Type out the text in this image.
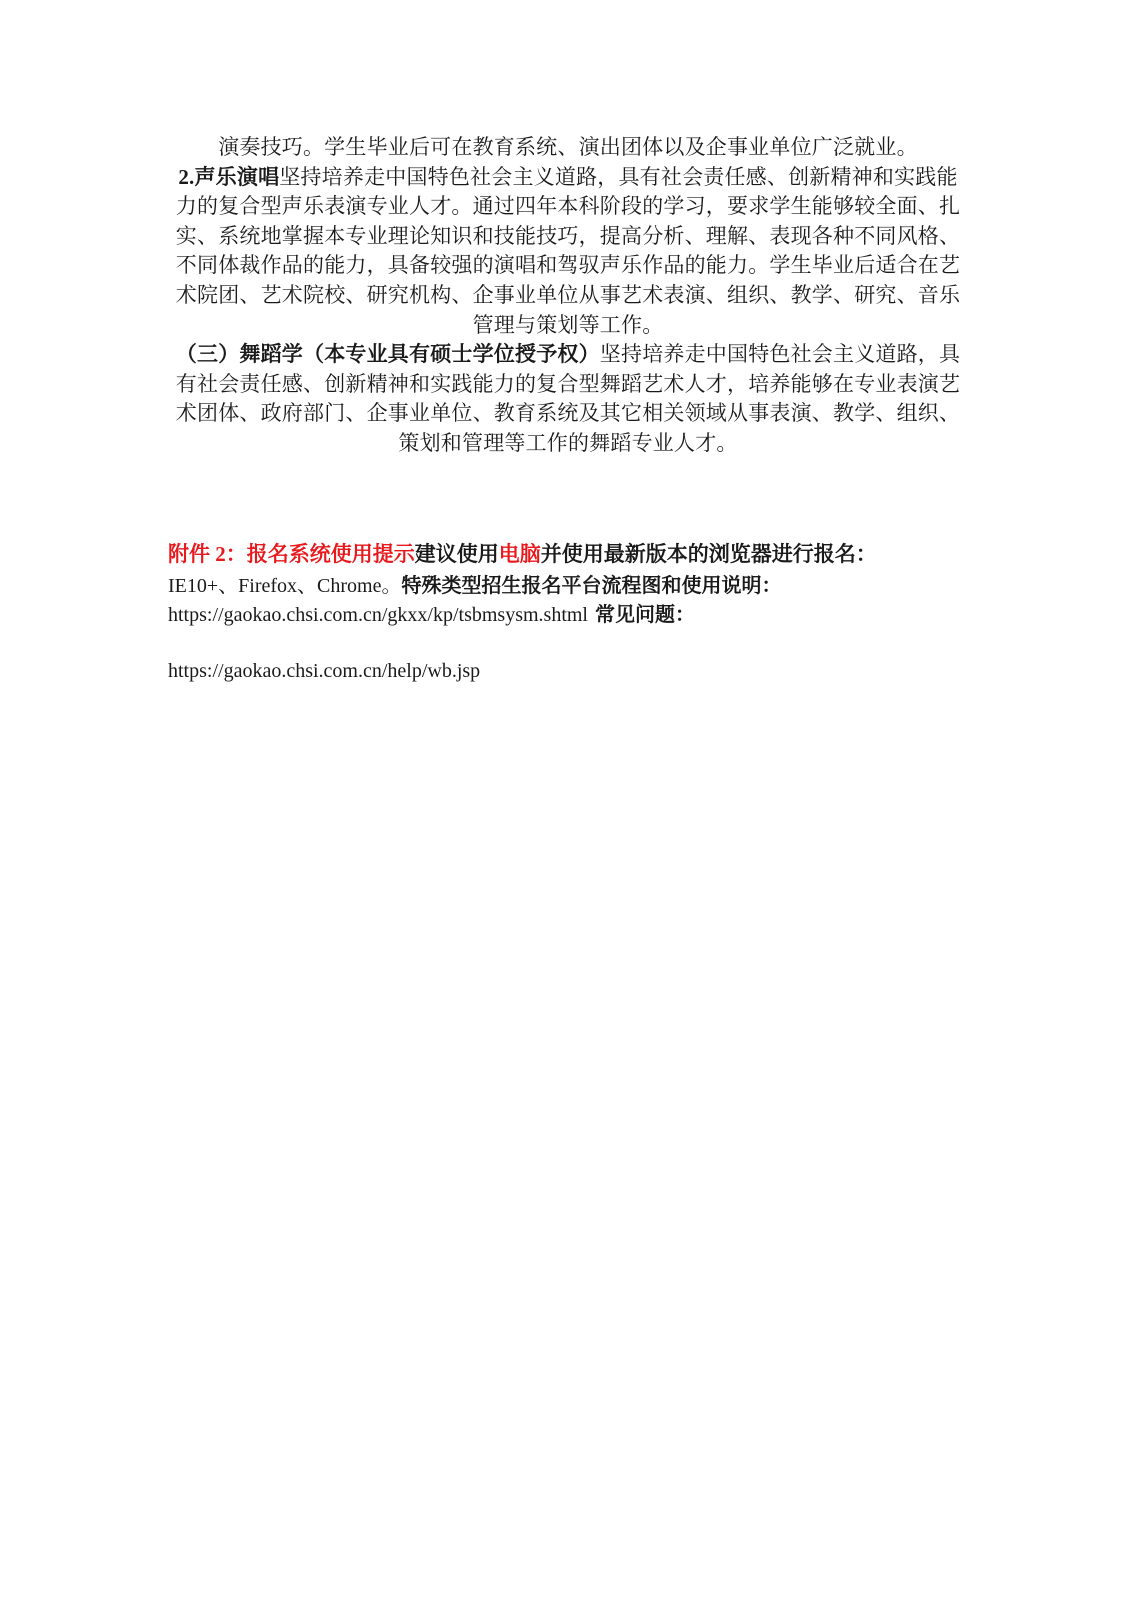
演奏技巧。学生毕业后可在教育系统、演出团体以及企事业单位广泛就业。

2.声乐演唱坚持培养走中国特色社会主义道路，具有社会责任感、创新精神和实践能力的复合型声乐表演专业人才。通过四年本科阶段的学习，要求学生能够较全面、扎实、系统地掌握本专业理论知识和技能技巧，提高分析、理解、表现各种不同风格、不同体裁作品的能力，具备较强的演唱和驾驭声乐作品的能力。学生毕业后适合在艺术院团、艺术院校、研究机构、企事业单位从事艺术表演、组织、教学、研究、音乐管理与策划等工作。

（三）舞蹈学（本专业具有硕士学位授予权）坚持培养走中国特色社会主义道路，具有社会责任感、创新精神和实践能力的复合型舞蹈艺术人才，培养能够在专业表演艺术团体、政府部门、企事业单位、教育系统及其它相关领域从事表演、教学、组织、策划和管理等工作的舞蹈专业人才。

附件 2：报名系统使用提示建议使用电脑并使用最新版本的浏览器进行报名：
IE10+、Firefox、Chrome。特殊类型招生报名平台流程图和使用说明：
https://gaokao.chsi.com.cn/gkxx/kp/tsbmsysm.shtml 常见问题：
https://gaokao.chsi.com.cn/help/wb.jsp
